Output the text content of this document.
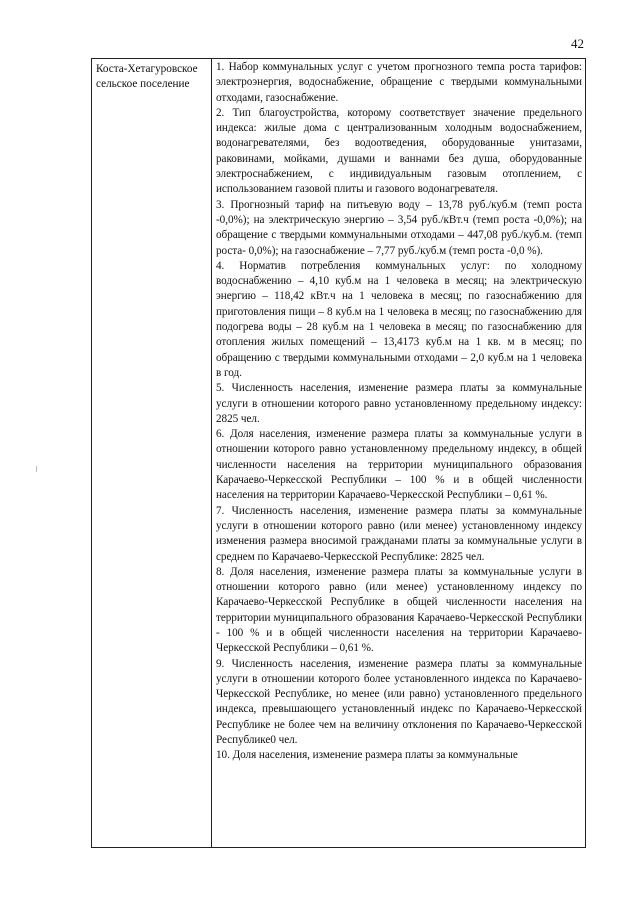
42

Коста-Хетагуровское сельское поселение

1. Набор коммунальных услуг с учетом прогнозного темпа роста тарифов: электроэнергия, водоснабжение, обращение с твердыми коммунальными отходами, газоснабжение.

2. Тип благоустройства, которому соответствует значение предельного индекса: жилые дома с централизованным холодным водоснабжением, водонагревателями, без водоотведения, оборудованные унитазами, раковинами, мойками, душами и ваннами без душа, оборудованные электроснабжением, с индивидуальным газовым отоплением, с использованием газовой плиты и газового водонагревателя.

3. Прогнозный тариф на питьевую воду – 13,78 руб./куб.м (темп роста -0,0%); на электрическую энергию – 3,54 руб./кВт.ч (темп роста -0,0%); на обращение с твердыми коммунальными отходами – 447,08 руб./куб.м. (темп роста- 0,0%); на газоснабжение – 7,77 руб./куб.м (темп роста -0,0 %).

4. Норматив потребления коммунальных услуг: по холодному водоснабжению – 4,10 куб.м на 1 человека в месяц; на электрическую энергию – 118,42 кВт.ч на 1 человека в месяц; по газоснабжению для приготовления пищи – 8 куб.м на 1 человека в месяц; по газоснабжению для подогрева воды – 28 куб.м на 1 человека в месяц; по газоснабжению для отопления жилых помещений – 13,4173 куб.м на 1 кв. м в месяц; по обращению с твердыми коммунальными отходами – 2,0 куб.м на 1 человека в год.

5. Численность населения, изменение размера платы за коммунальные услуги в отношении которого равно установленному предельному индексу: 2825 чел.

6. Доля населения, изменение размера платы за коммунальные услуги в отношении которого равно установленному предельному индексу, в общей численности населения на территории муниципального образования Карачаево-Черкесской Республики – 100 % и в общей численности населения на территории Карачаево-Черкесской Республики – 0,61 %.

7. Численность населения, изменение размера платы за коммунальные услуги в отношении которого равно (или менее) установленному индексу изменения размера вносимой гражданами платы за коммунальные услуги в среднем по Карачаево-Черкесской Республике: 2825 чел.

8. Доля населения, изменение размера платы за коммунальные услуги в отношении которого равно (или менее) установленному индексу по Карачаево-Черкесской Республике в общей численности населения на территории муниципального образования Карачаево-Черкесской Республики - 100 % и в общей численности населения на территории Карачаево-Черкесской Республики – 0,61 %.

9. Численность населения, изменение размера платы за коммунальные услуги в отношении которого более установленного индекса по Карачаево-Черкесской Республике, но менее (или равно) установленного предельного индекса, превышающего установленный индекс по Карачаево-Черкесской Республике не более чем на величину отклонения по Карачаево-Черкесской Республике0 чел.

10. Доля населения, изменение размера платы за коммунальные
